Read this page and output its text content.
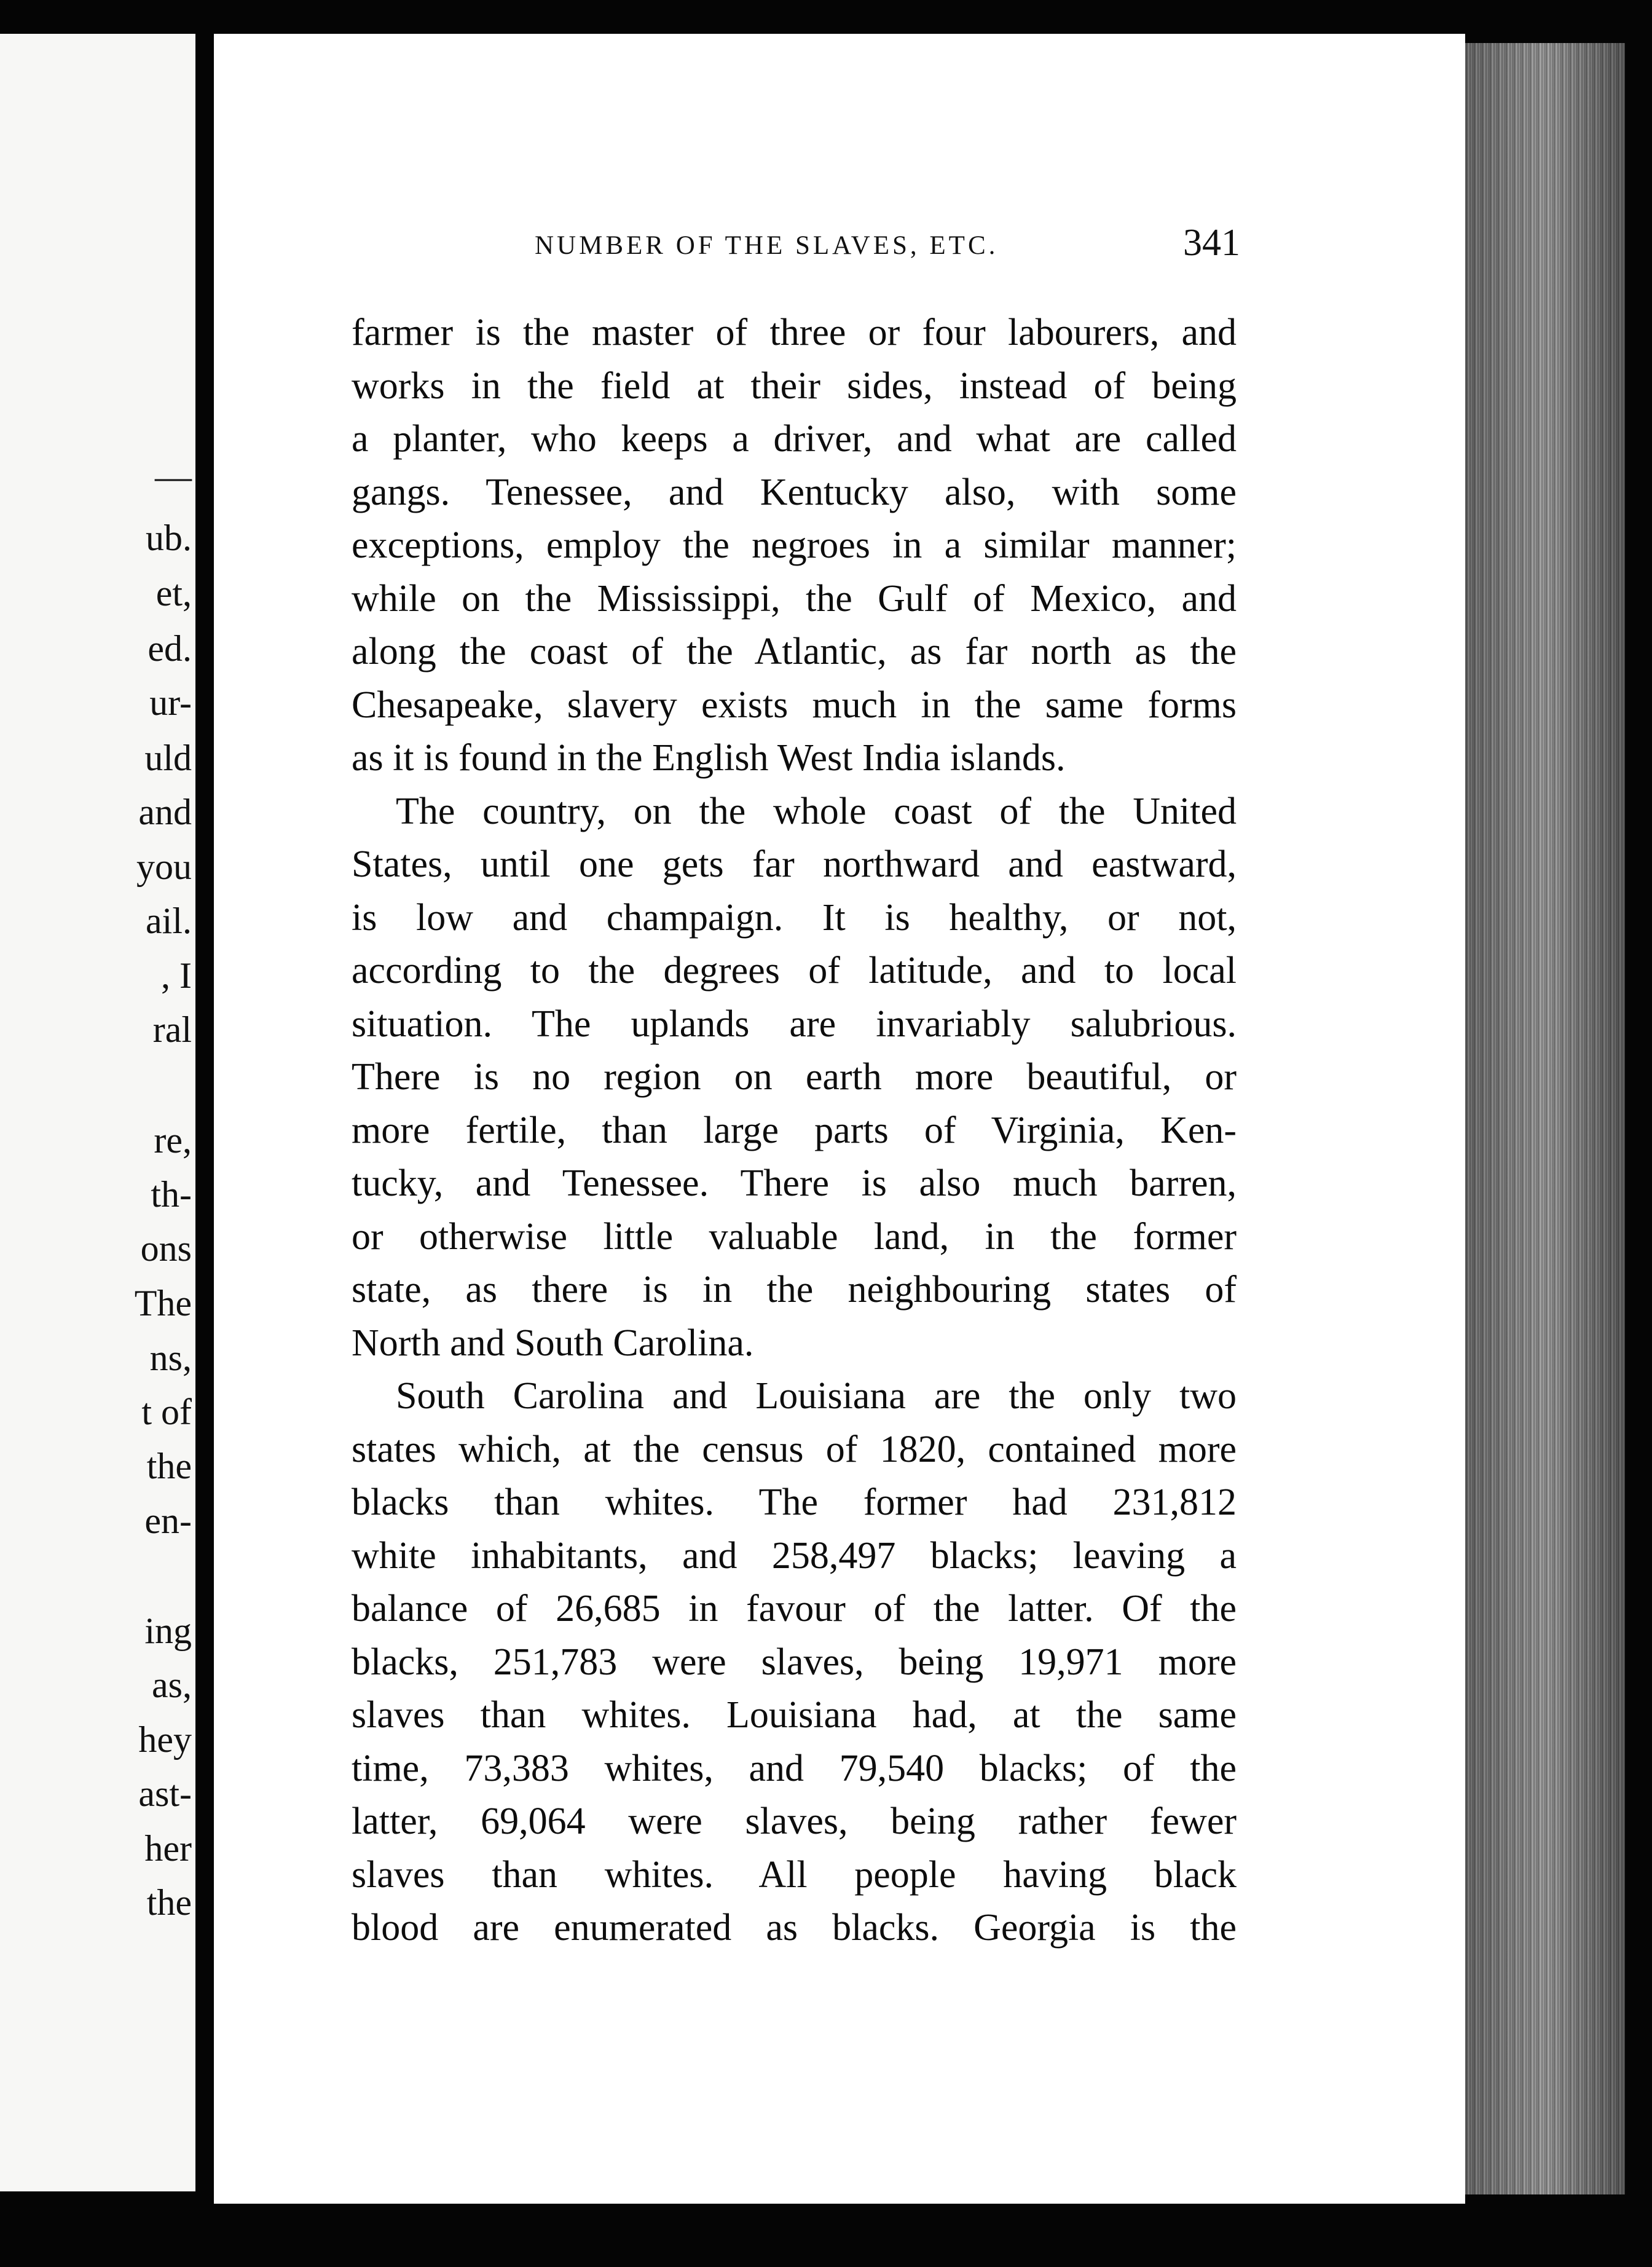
—
ub.
et,
ed.
ur-
uld
and
you
ail.
, I
ral
re,
th-
ons
The
ns,
t of
the
en-
ing
as,
hey
ast-
her
the
NUMBER OF THE SLAVES, ETC.	341
farmer is the master of three or four labourers, and
works in the field at their sides, instead of being
a planter, who keeps a driver, and what are called
gangs. Tenessee, and Kentucky also, with some
exceptions, employ the negroes in a similar manner;
while on the Mississippi, the Gulf of Mexico, and
along the coast of the Atlantic, as far north as the
Chesapeake, slavery exists much in the same forms
as it is found in the English West India islands.
The country, on the whole coast of the United
States, until one gets far northward and eastward,
is low and champaign. It is healthy, or not,
according to the degrees of latitude, and to local
situation. The uplands are invariably salubrious.
There is no region on earth more beautiful, or
more fertile, than large parts of Virginia, Ken-
tucky, and Tenessee. There is also much barren,
or otherwise little valuable land, in the former
state, as there is in the neighbouring states of
North and South Carolina.
South Carolina and Louisiana are the only two
states which, at the census of 1820, contained more
blacks than whites. The former had 231,812
white inhabitants, and 258,497 blacks; leaving a
balance of 26,685 in favour of the latter. Of the
blacks, 251,783 were slaves, being 19,971 more
slaves than whites. Louisiana had, at the same
time, 73,383 whites, and 79,540 blacks; of the
latter, 69,064 were slaves, being rather fewer
slaves than whites. All people having black
blood are enumerated as blacks. Georgia is the
